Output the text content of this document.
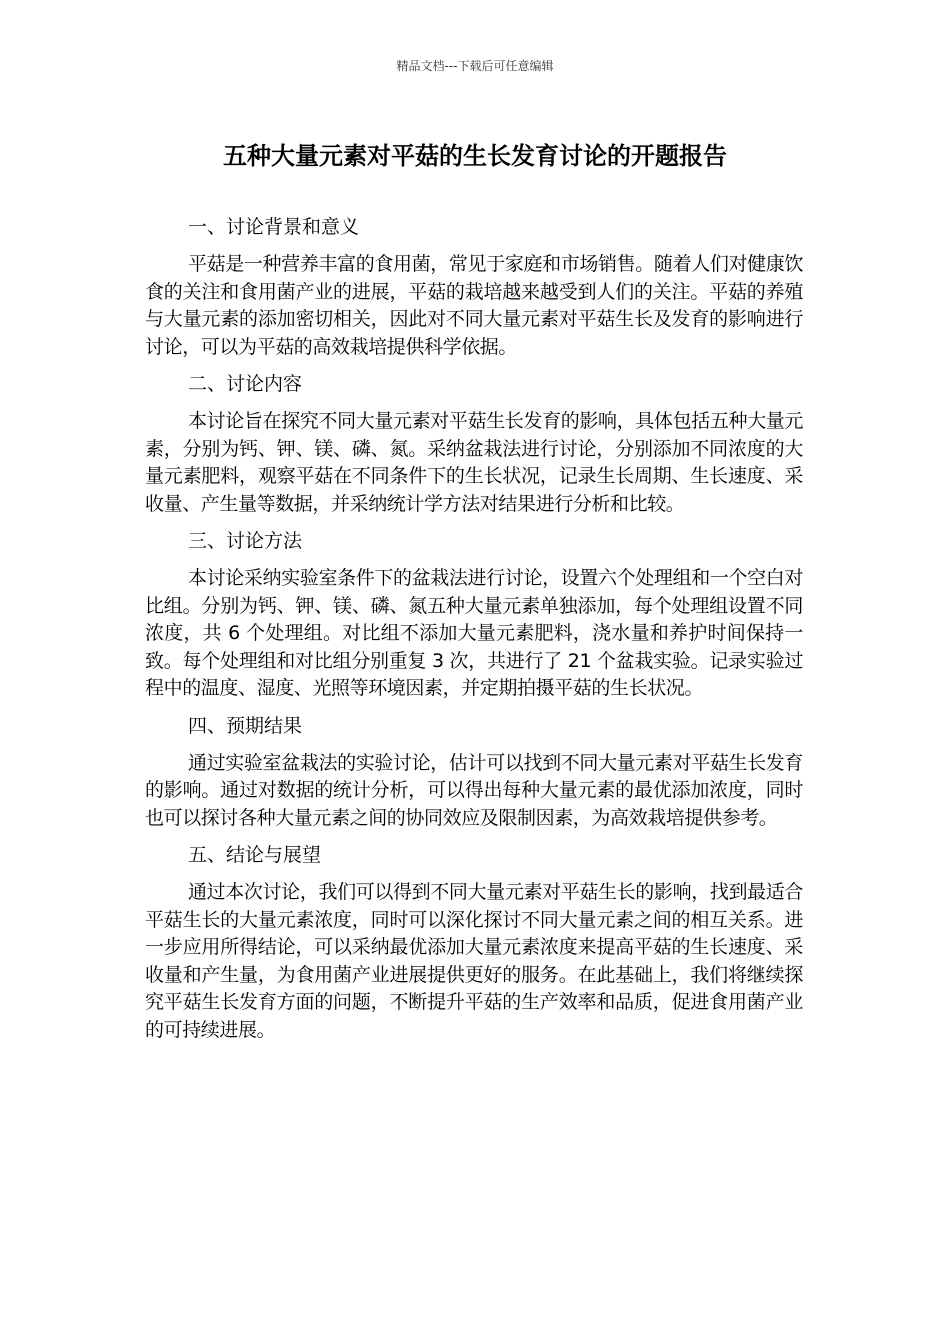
精品文档---下载后可任意编辑
五种大量元素对平菇的生长发育讨论的开题报告

一、讨论背景和意义

平菇是一种营养丰富的食用菌，常见于家庭和市场销售。随着人们对健康饮食的关注和食用菌产业的进展，平菇的栽培越来越受到人们的关注。平菇的养殖与大量元素的添加密切相关，因此对不同大量元素对平菇生长及发育的影响进行讨论，可以为平菇的高效栽培提供科学依据。

二、讨论内容

本讨论旨在探究不同大量元素对平菇生长发育的影响，具体包括五种大量元素，分别为钙、钾、镁、磷、氮。采纳盆栽法进行讨论，分别添加不同浓度的大量元素肥料，观察平菇在不同条件下的生长状况，记录生长周期、生长速度、采收量、产生量等数据，并采纳统计学方法对结果进行分析和比较。

三、讨论方法

本讨论采纳实验室条件下的盆栽法进行讨论，设置六个处理组和一个空白对比组。分别为钙、钾、镁、磷、氮五种大量元素单独添加，每个处理组设置不同浓度，共 6 个处理组。对比组不添加大量元素肥料，浇水量和养护时间保持一致。每个处理组和对比组分别重复 3 次，共进行了 21 个盆栽实验。记录实验过程中的温度、湿度、光照等环境因素，并定期拍摄平菇的生长状况。

四、预期结果

通过实验室盆栽法的实验讨论，估计可以找到不同大量元素对平菇生长发育的影响。通过对数据的统计分析，可以得出每种大量元素的最优添加浓度，同时也可以探讨各种大量元素之间的协同效应及限制因素，为高效栽培提供参考。

五、结论与展望

通过本次讨论，我们可以得到不同大量元素对平菇生长的影响，找到最适合平菇生长的大量元素浓度，同时可以深化探讨不同大量元素之间的相互关系。进一步应用所得结论，可以采纳最优添加大量元素浓度来提高平菇的生长速度、采收量和产生量，为食用菌产业进展提供更好的服务。在此基础上，我们将继续探究平菇生长发育方面的问题，不断提升平菇的生产效率和品质，促进食用菌产业的可持续进展。
